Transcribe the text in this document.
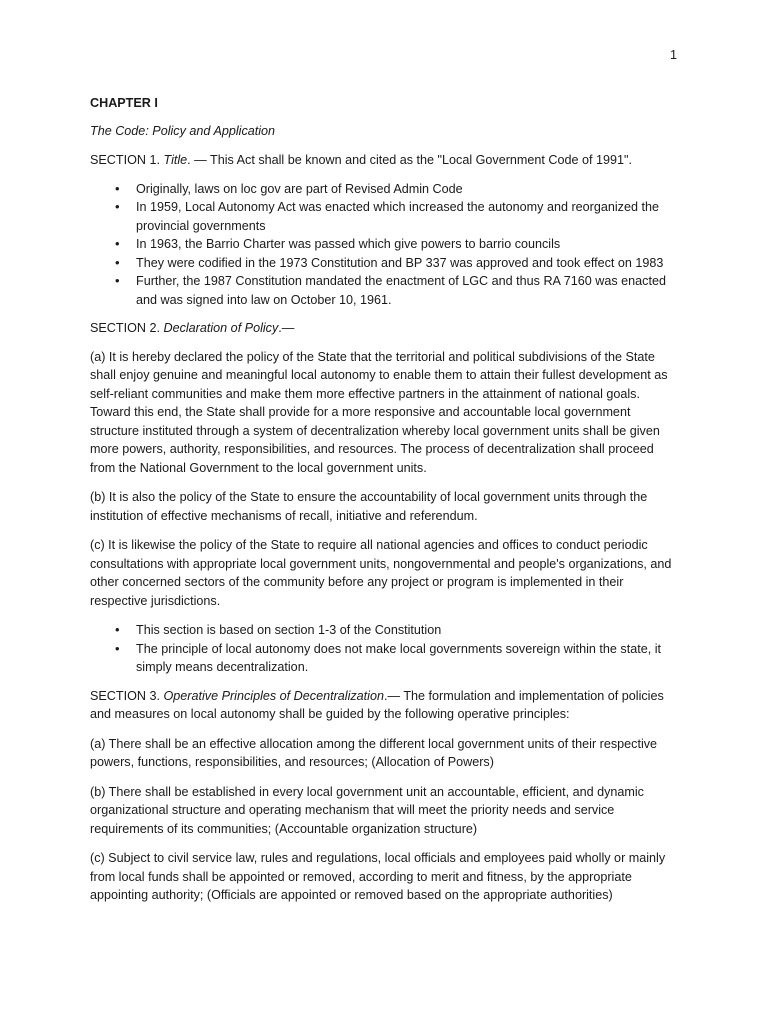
1

CHAPTER I

The Code: Policy and Application

SECTION 1. Title. — This Act shall be known and cited as the "Local Government Code of 1991".

• Originally, laws on loc gov are part of Revised Admin Code
• In 1959, Local Autonomy Act was enacted which increased the autonomy and reorganized the provincial governments
• In 1963, the Barrio Charter was passed which give powers to barrio councils
• They were codified in the 1973 Constitution and BP 337 was approved and took effect on 1983
• Further, the 1987 Constitution mandated the enactment of LGC and thus RA 7160 was enacted and was signed into law on October 10, 1961.

SECTION 2. Declaration of Policy.—

(a) It is hereby declared the policy of the State that the territorial and political subdivisions of the State shall enjoy genuine and meaningful local autonomy to enable them to attain their fullest development as self-reliant communities and make them more effective partners in the attainment of national goals. Toward this end, the State shall provide for a more responsive and accountable local government structure instituted through a system of decentralization whereby local government units shall be given more powers, authority, responsibilities, and resources. The process of decentralization shall proceed from the National Government to the local government units.

(b) It is also the policy of the State to ensure the accountability of local government units through the institution of effective mechanisms of recall, initiative and referendum.

(c) It is likewise the policy of the State to require all national agencies and offices to conduct periodic consultations with appropriate local government units, nongovernmental and people's organizations, and other concerned sectors of the community before any project or program is implemented in their respective jurisdictions.

• This section is based on section 1-3 of the Constitution
• The principle of local autonomy does not make local governments sovereign within the state, it simply means decentralization.

SECTION 3. Operative Principles of Decentralization.— The formulation and implementation of policies and measures on local autonomy shall be guided by the following operative principles:

(a) There shall be an effective allocation among the different local government units of their respective powers, functions, responsibilities, and resources; (Allocation of Powers)

(b) There shall be established in every local government unit an accountable, efficient, and dynamic organizational structure and operating mechanism that will meet the priority needs and service requirements of its communities; (Accountable organization structure)

(c) Subject to civil service law, rules and regulations, local officials and employees paid wholly or mainly from local funds shall be appointed or removed, according to merit and fitness, by the appropriate appointing authority; (Officials are appointed or removed based on the appropriate authorities)
